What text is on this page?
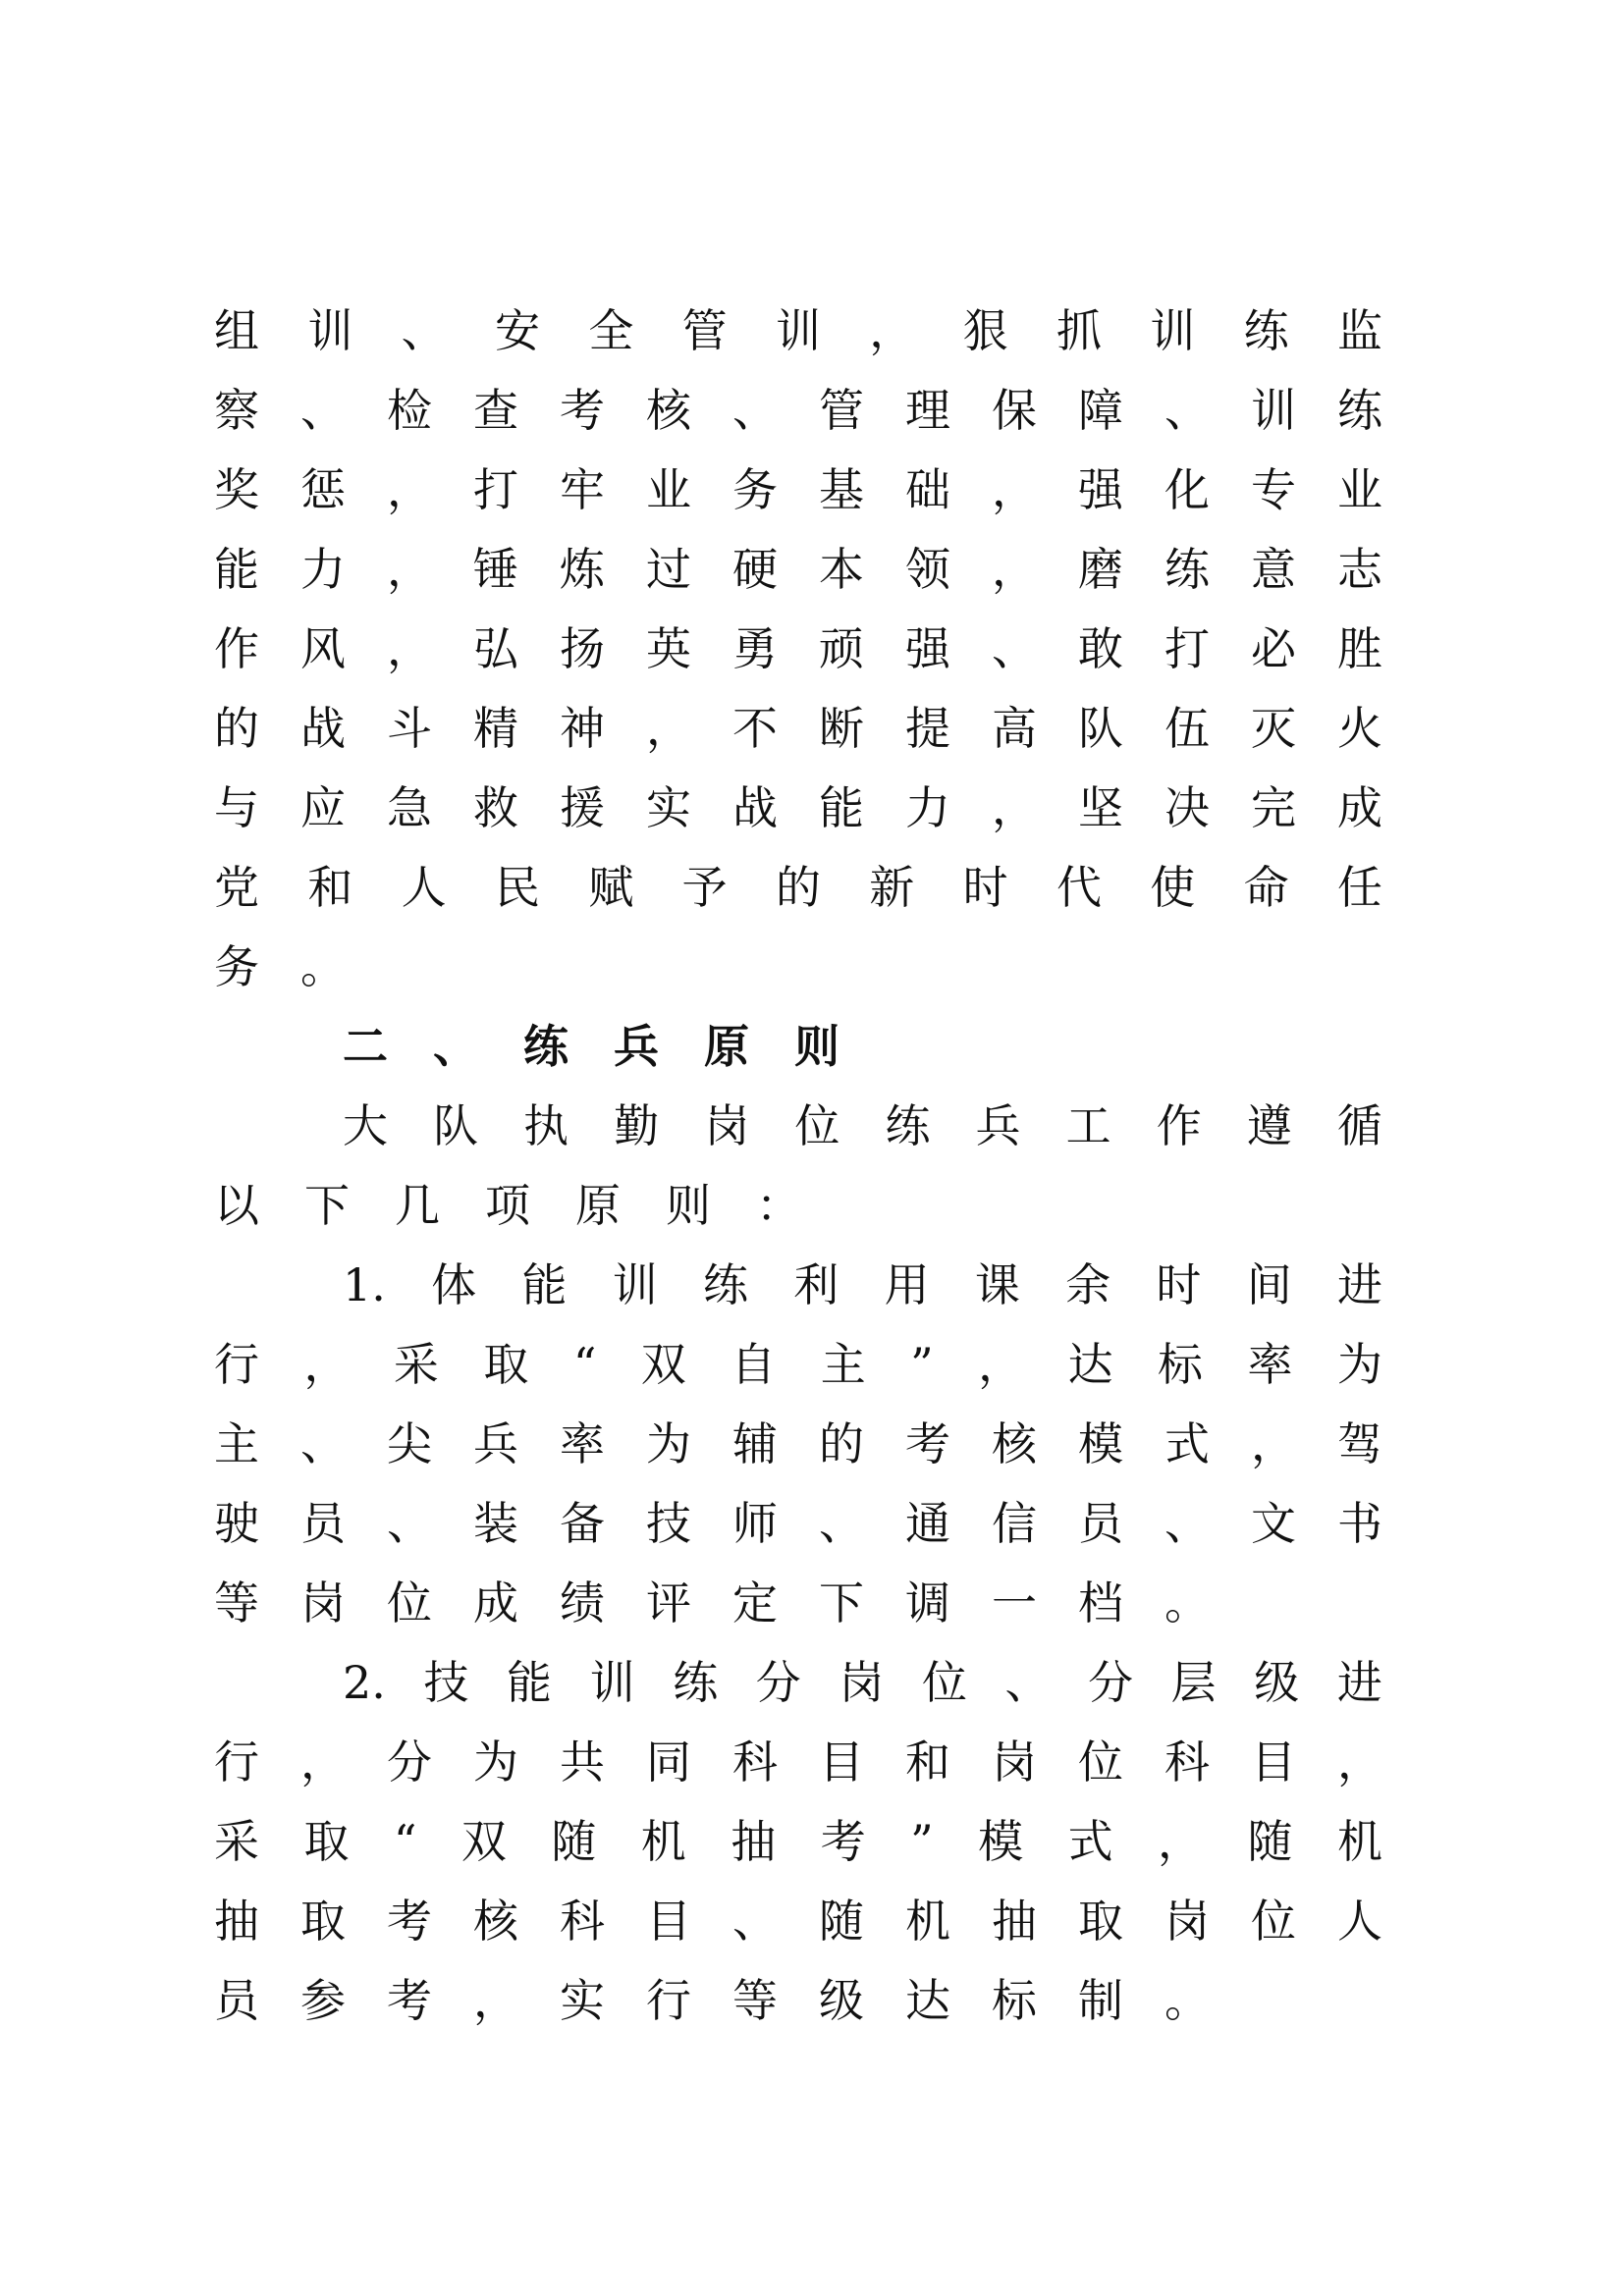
组 训 、 安 全 管 训 ， 狠 抓 训 练 监
察 、 检 查 考 核 、 管 理 保 障 、 训 练
奖 惩 ， 打 牢 业 务 基 础 ， 强 化 专 业
能 力 ， 锤 炼 过 硬 本 领 ， 磨 练 意 志
作 风 ， 弘 扬 英 勇 顽 强 、 敢 打 必 胜
的 战 斗 精 神 ， 不 断 提 高 队 伍 灭 火
与 应 急 救 援 实 战 能 力 ， 坚 决 完 成
党 和 人 民 赋 予 的 新 时 代 使 命 任
务 。
二 、 练 兵 原 则
大 队 执 勤 岗 位 练 兵 工 作 遵 循
以 下 几 项 原 则 ：
1. 体 能 训 练 利 用 课 余 时 间 进
行 ， 采 取 “ 双 自 主 ” ， 达 标 率 为
主 、 尖 兵 率 为 辅 的 考 核 模 式 ， 驾
驶 员 、 装 备 技 师 、 通 信 员 、 文 书
等 岗 位 成 绩 评 定 下 调 一 档 。
2. 技 能 训 练 分 岗 位 、 分 层 级 进
行 ， 分 为 共 同 科 目 和 岗 位 科 目 ，
采 取 “ 双 随 机 抽 考 ” 模 式 ， 随 机
抽 取 考 核 科 目 、 随 机 抽 取 岗 位 人
员 参 考 ， 实 行 等 级 达 标 制 。
